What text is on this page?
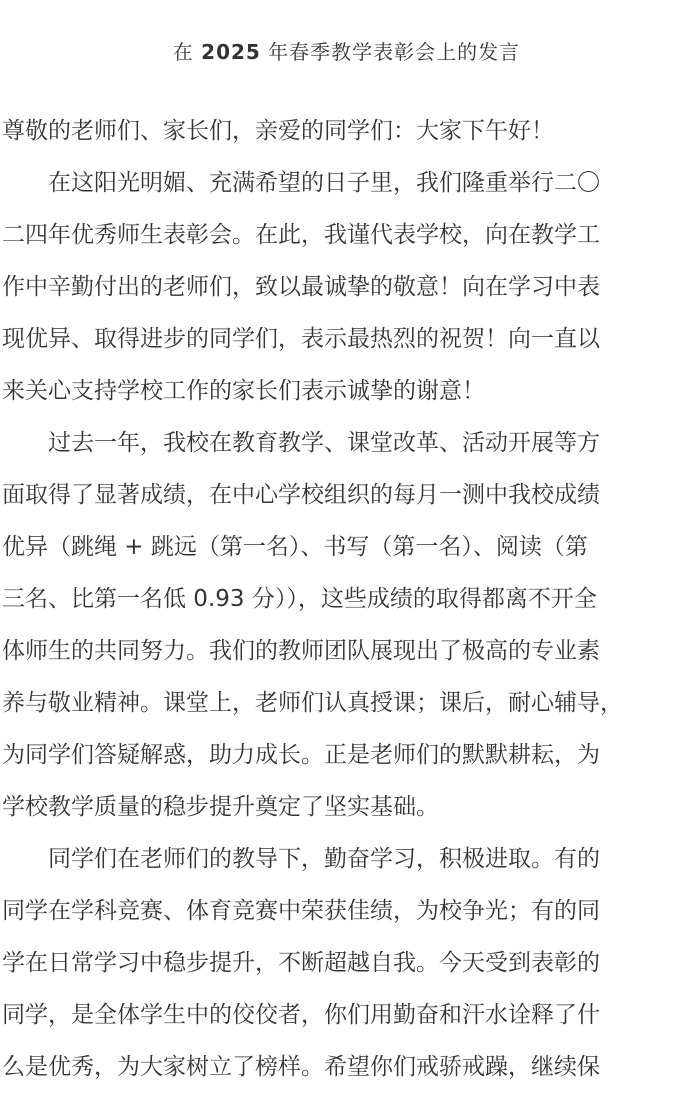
在 2025 年春季教学表彰会上的发言
尊敬的老师们、家长们，亲爱的同学们：大家下午好！
　　在这阳光明媚、充满希望的日子里，我们隆重举行二〇
二四年优秀师生表彰会。在此，我谨代表学校，向在教学工
作中辛勤付出的老师们，致以最诚挚的敬意！向在学习中表
现优异、取得进步的同学们，表示最热烈的祝贺！向一直以
来关心支持学校工作的家长们表示诚挚的谢意！
　　过去一年，我校在教育教学、课堂改革、活动开展等方
面取得了显著成绩，在中心学校组织的每月一测中我校成绩
优异（跳绳 + 跳远（第一名）、书写（第一名）、阅读（第
三名、比第一名低 0.93 分）），这些成绩的取得都离不开全
体师生的共同努力。我们的教师团队展现出了极高的专业素
养与敬业精神。课堂上，老师们认真授课；课后，耐心辅导，
为同学们答疑解惑，助力成长。正是老师们的默默耕耘，为
学校教学质量的稳步提升奠定了坚实基础。
　　同学们在老师们的教导下，勤奋学习，积极进取。有的
同学在学科竞赛、体育竞赛中荣获佳绩，为校争光；有的同
学在日常学习中稳步提升，不断超越自我。今天受到表彰的
同学，是全体学生中的佼佼者，你们用勤奋和汗水诠释了什
么是优秀，为大家树立了榜样。希望你们戒骄戒躁，继续保
